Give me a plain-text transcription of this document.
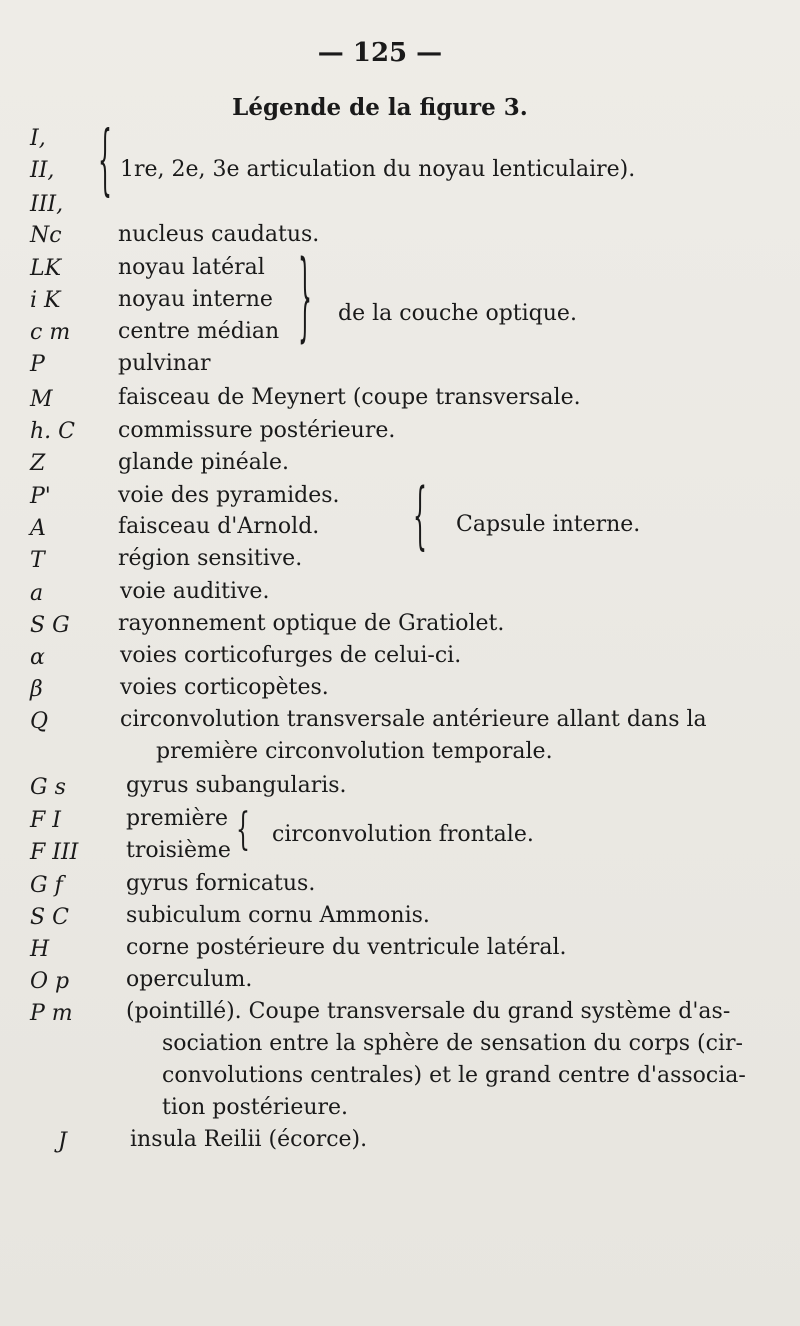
— 125 —
Légende de la figure 3.
I,
II,
III, { 1re, 2e, 3e articulation du noyau lenticulaire).
Nc	nucleus caudatus.
LK	noyau latéral
i K	noyau interne
c m centre médian
P	pulvinar
} de la couche optique.
M	faisceau de Meynert (coupe transversale.
h. C commissure postérieure.
Z	glande pinéale.
P'	voie des pyramides.
A	faisceau d'Arnold.
T	région sensitive.	{ Capsule interne.
a	voie auditive.
S G rayonnement optique de Gratiolet.
α	voies corticofurges de celui-ci.
β	voies corticopètes.
Q	circonvolution transversale antérieure allant dans la
première circonvolution temporale.
G s	gyrus subangularis.
F I	première
F III troisième { circonvolution frontale.
G f	gyrus fornicatus.
S C	subiculum cornu Ammonis.
H	corne postérieure du ventricule latéral.
O p	operculum.
P m (pointillé). Coupe transversale du grand système d'as-
sociation entre la sphère de sensation du corps (cir-
convolutions centrales) et le grand centre d'associa-
tion postérieure.
J	insula Reilii (écorce).
